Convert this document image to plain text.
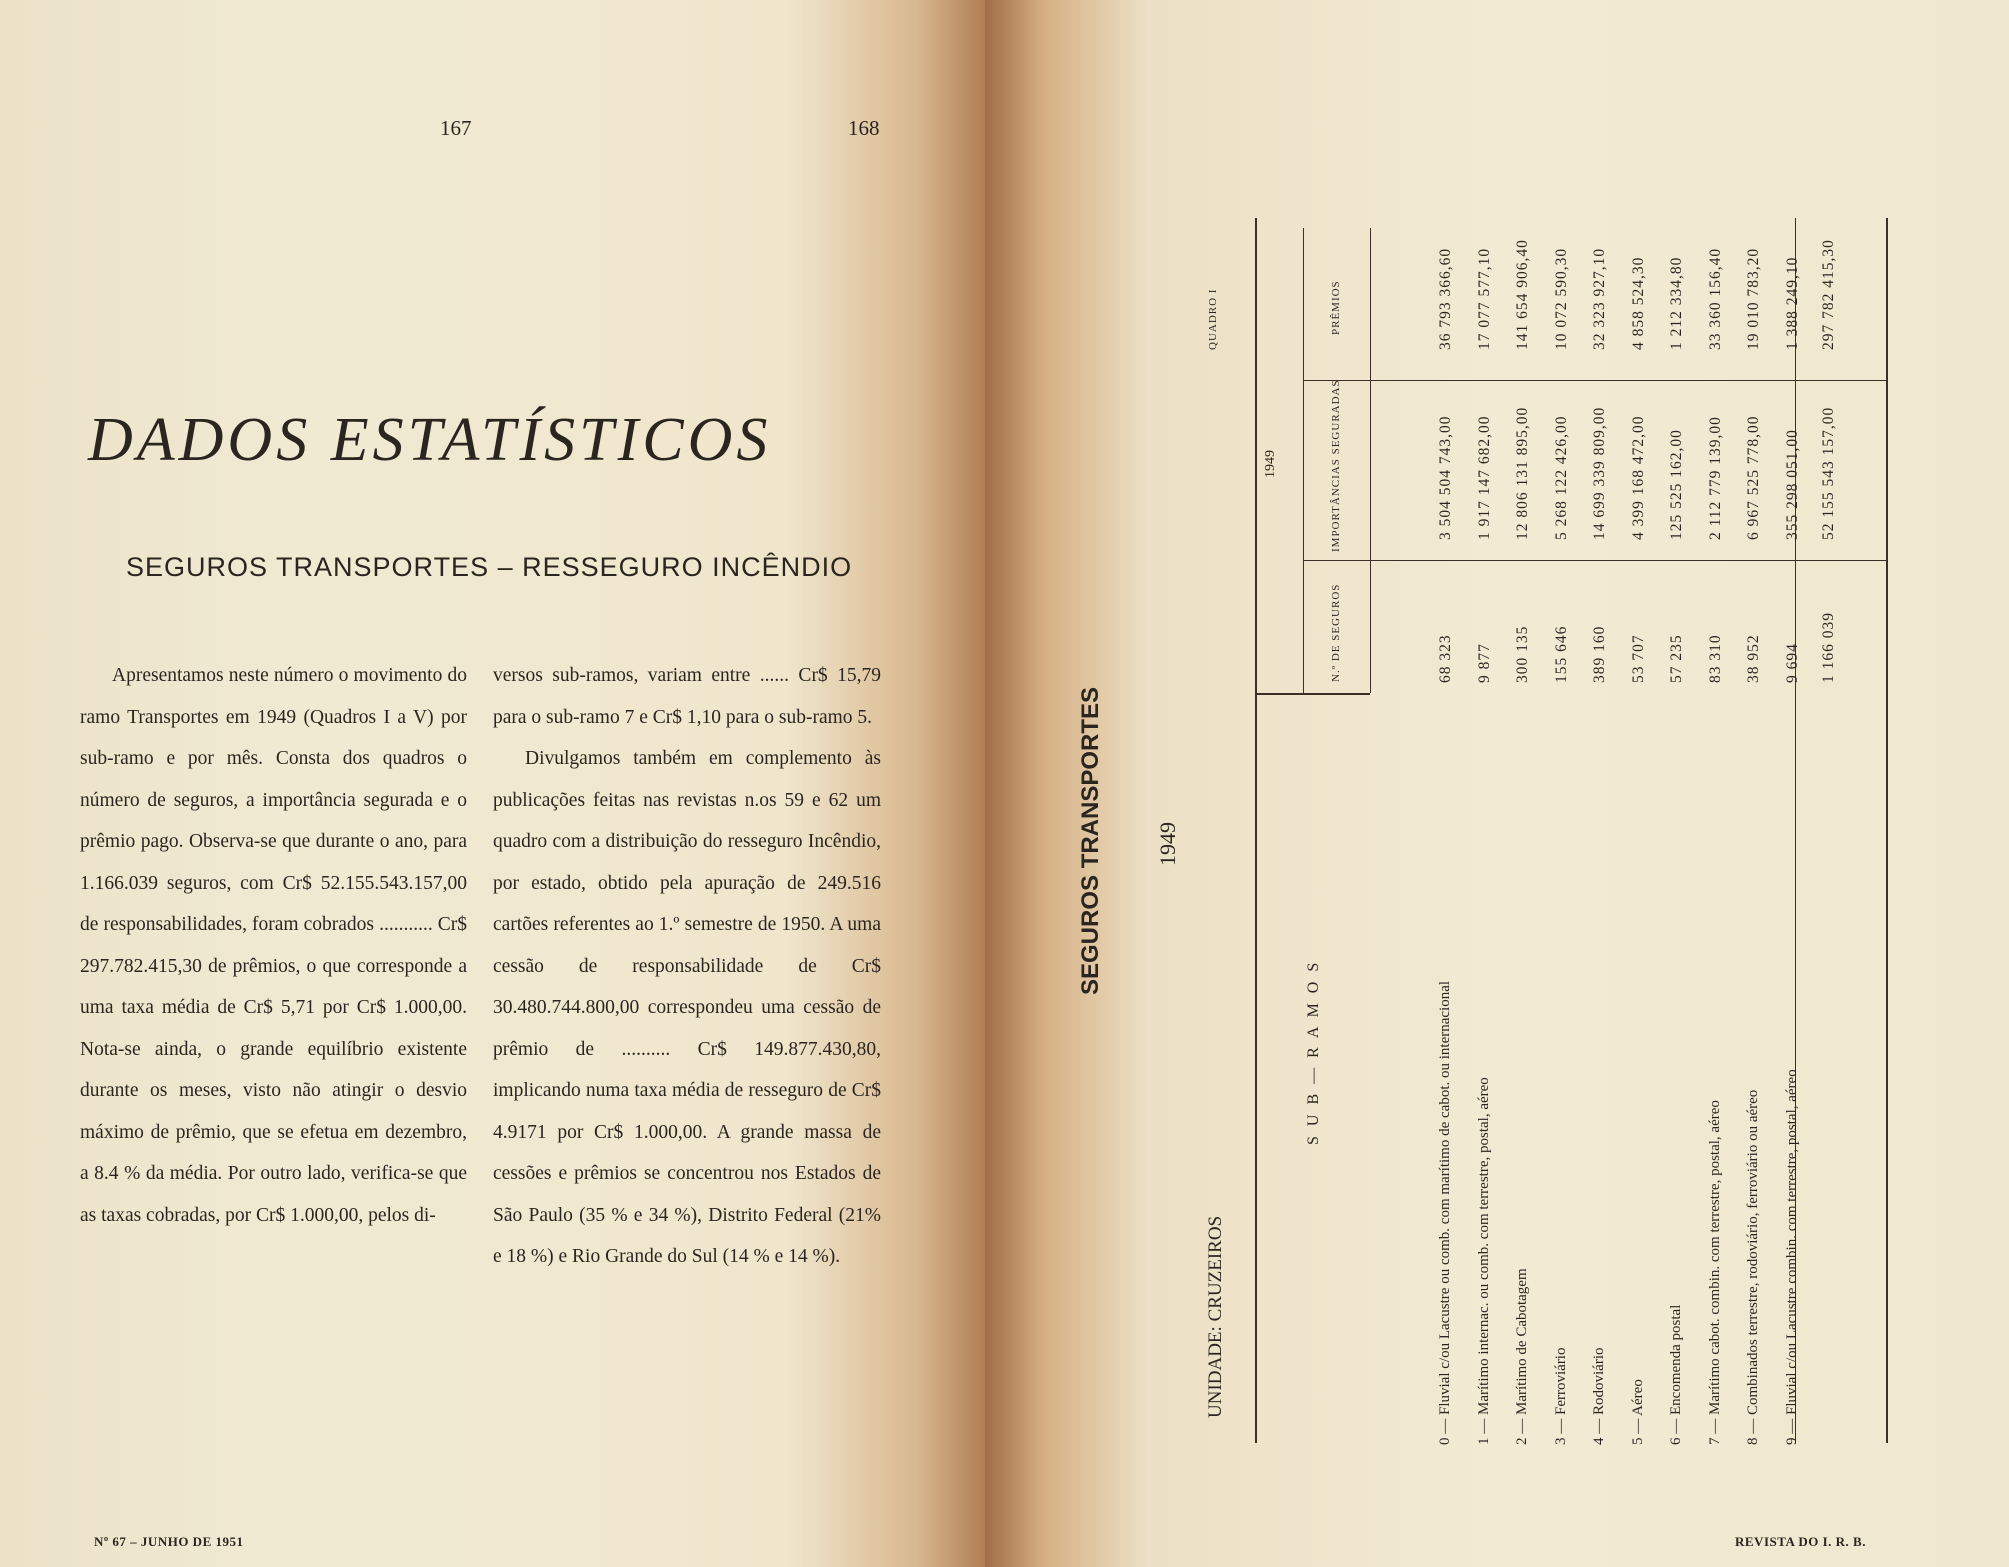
167	168
DADOS ESTATÍSTICOS
SEGUROS TRANSPORTES – RESSEGURO INCÊNDIO

Apresentamos neste número o movimento do ramo Transportes em 1949 (Quadros I a V) por sub-ramo e por mês. Consta dos quadros o número de seguros, a importância segurada e o prêmio pago. Observa-se que durante o ano, para 1.166.039 seguros, com Cr$ 52.155.543.157,00 de responsabilidades, foram cobrados ........... Cr$ 297.782.415,30 de prêmios, o que corresponde a uma taxa média de Cr$ 5,71 por Cr$ 1.000,00. Nota-se ainda, o grande equilíbrio existente durante os meses, visto não atingir o desvio máximo de prêmio, que se efetua em dezembro, a 8.4 % da média. Por outro lado, verifica-se que as taxas cobradas, por Cr$ 1.000,00, pelos di-

versos sub-ramos, variam entre ...... Cr$ 15,79 para o sub-ramo 7 e Cr$ 1,10 para o sub-ramo 5.

Divulgamos também em complemento às publicações feitas nas revistas n.os 59 e 62 um quadro com a distribuição do resseguro Incêndio, por estado, obtido pela apuração de 249.516 cartões referentes ao 1.º semestre de 1950. A uma cessão de responsabilidade de Cr$ 30.480.744.800,00 correspondeu uma cessão de prêmio de .......... Cr$ 149.877.430,80, implicando numa taxa média de resseguro de Cr$ 4.9171 por Cr$ 1.000,00. A grande massa de cessões e prêmios se concentrou nos Estados de São Paulo (35 % e 34 %), Distrito Federal (21% e 18 %) e Rio Grande do Sul (14 % e 14 %).

Nº 67 – JUNHO DE 1951
QUADRO I
SEGUROS TRANSPORTES 1949
UNIDADE: CRUZEIROS
S U B — R A M O S
1949
N.º DE SEGUROS
IMPORTÂNCIAS SEGURADAS
PRÊMIOS
0 — Fluvial c/ou Lacustre ou comb. com marítimo de cabot. ou internacional
68 323
3 504 504 743,00
36 793 366,60
1 — Marítimo internac. ou comb. com terrestre, postal, aéreo
9 877
1 917 147 682,00
17 077 577,10
2 — Marítimo de Cabotagem
300 135
12 806 131 895,00
141 654 906,40
3 — Ferroviário
155 646
5 268 122 426,00
10 072 590,30
4 — Rodoviário
389 160
14 699 339 809,00
32 323 927,10
5 — Aéreo
53 707
4 399 168 472,00
4 858 524,30
6 — Encomenda postal
57 235
125 525 162,00
1 212 334,80
7 — Marítimo cabot. combin. com terrestre, postal, aéreo
83 310
2 112 779 139,00
33 360 156,40
8 — Combinados terrestre, rodoviário, ferroviário ou aéreo
38 952
6 967 525 778,00
19 010 783,20
9 — Fluvial c/ou Lacustre combin. com terrestre, postal, aéreo
9 694
355 298 051,00
1 388 249,10
1 166 039
52 155 543 157,00
297 782 415,30
REVISTA DO I. R. B.
